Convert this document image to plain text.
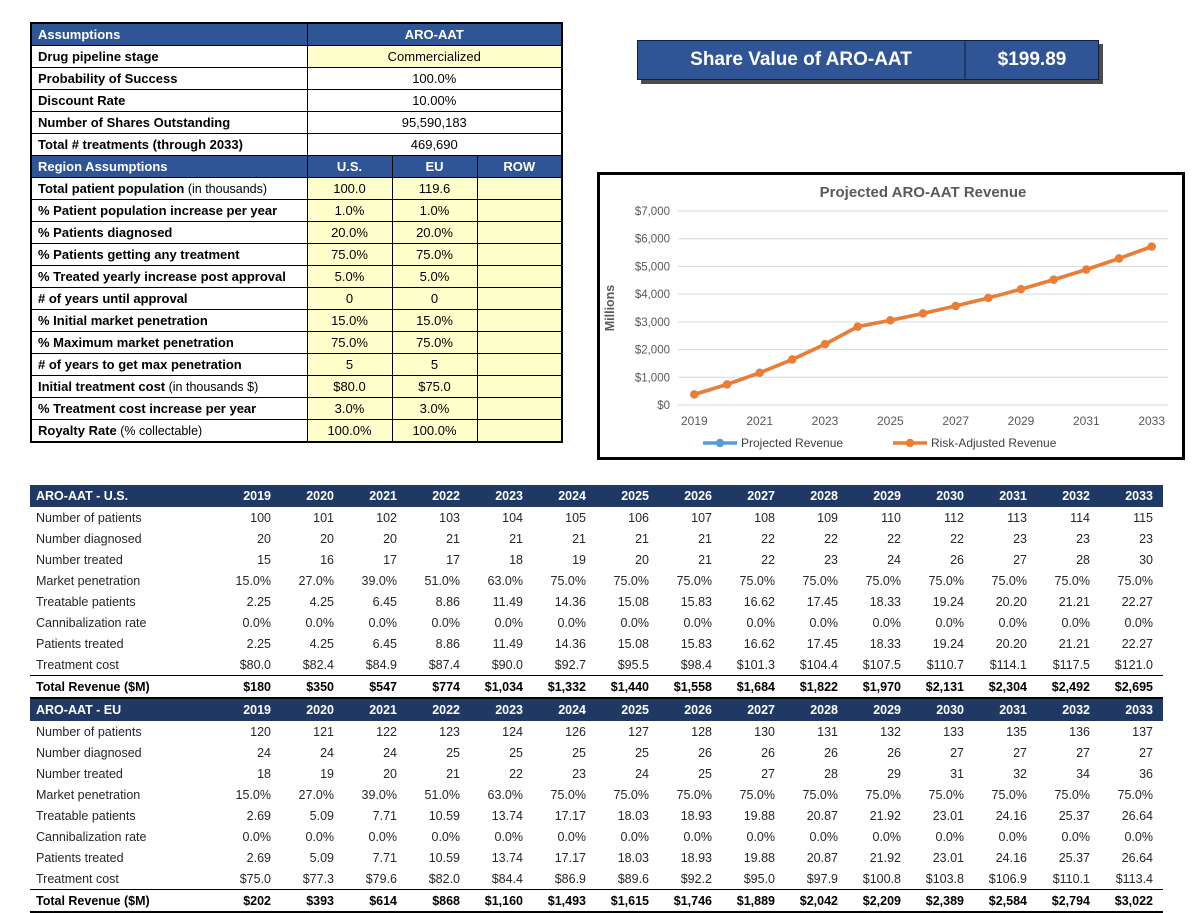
Assumptions	ARO-AAT		
Drug pipeline stage	Commercialized		
Probability of Success	100.0%		
Discount Rate	10.00%		
Number of Shares Outstanding	95,590,183		
Total # treatments (through 2033)	469,690		
Region Assumptions	U.S.	EU	ROW
Total patient population (in thousands)	100.0	119.6	
% Patient population increase per year	1.0%	1.0%	
% Patients diagnosed	20.0%	20.0%	
% Patients getting any treatment	75.0%	75.0%	
% Treated yearly increase post approval	5.0%	5.0%	
# of years until approval	0	0	
% Initial market penetration	15.0%	15.0%	
% Maximum market penetration	75.0%	75.0%	
# of years to get max penetration	5	5	
Initial treatment cost (in thousands $)	$80.0	$75.0	
% Treatment cost increase per year	3.0%	3.0%	
Royalty Rate (% collectable)	100.0%	100.0%	
Share Value of ARO-AAT	$199.89
$0
$1,000
$2,000
$3,000
$4,000
$5,000
$6,000
$7,000
2019	2021	2023	2025	2027	2029	2031	2033
Projected ARO-AAT Revenue
Millions
Projected Revenue	Risk-Adjusted Revenue
ARO-AAT - U.S.	2019	2020	2021	2022	2023	2024	2025	2026	2027	2028	2029	2030	2031	2032	2033
Number of patients	100	101	102	103	104	105	106	107	108	109	110	112	113	114	115
Number diagnosed	20	20	20	21	21	21	21	21	22	22	22	22	23	23	23
Number treated	15	16	17	17	18	19	20	21	22	23	24	26	27	28	30
Market penetration	15.0%	27.0%	39.0%	51.0%	63.0%	75.0%	75.0%	75.0%	75.0%	75.0%	75.0%	75.0%	75.0%	75.0%	75.0%
Treatable patients	2.25	4.25	6.45	8.86	11.49	14.36	15.08	15.83	16.62	17.45	18.33	19.24	20.20	21.21	22.27
Cannibalization rate	0.0%	0.0%	0.0%	0.0%	0.0%	0.0%	0.0%	0.0%	0.0%	0.0%	0.0%	0.0%	0.0%	0.0%	0.0%
Patients treated	2.25	4.25	6.45	8.86	11.49	14.36	15.08	15.83	16.62	17.45	18.33	19.24	20.20	21.21	22.27
Treatment cost	$80.0	$82.4	$84.9	$87.4	$90.0	$92.7	$95.5	$98.4	$101.3	$104.4	$107.5	$110.7	$114.1	$117.5	$121.0
Total Revenue ($M)	$180	$350	$547	$774	$1,034	$1,332	$1,440	$1,558	$1,684	$1,822	$1,970	$2,131	$2,304	$2,492	$2,695
ARO-AAT - EU	2019	2020	2021	2022	2023	2024	2025	2026	2027	2028	2029	2030	2031	2032	2033
Number of patients	120	121	122	123	124	126	127	128	130	131	132	133	135	136	137
Number diagnosed	24	24	24	25	25	25	25	26	26	26	26	27	27	27	27
Number treated	18	19	20	21	22	23	24	25	27	28	29	31	32	34	36
Market penetration	15.0%	27.0%	39.0%	51.0%	63.0%	75.0%	75.0%	75.0%	75.0%	75.0%	75.0%	75.0%	75.0%	75.0%	75.0%
Treatable patients	2.69	5.09	7.71	10.59	13.74	17.17	18.03	18.93	19.88	20.87	21.92	23.01	24.16	25.37	26.64
Cannibalization rate	0.0%	0.0%	0.0%	0.0%	0.0%	0.0%	0.0%	0.0%	0.0%	0.0%	0.0%	0.0%	0.0%	0.0%	0.0%
Patients treated	2.69	5.09	7.71	10.59	13.74	17.17	18.03	18.93	19.88	20.87	21.92	23.01	24.16	25.37	26.64
Treatment cost	$75.0	$77.3	$79.6	$82.0	$84.4	$86.9	$89.6	$92.2	$95.0	$97.9	$100.8	$103.8	$106.9	$110.1	$113.4
Total Revenue ($M)	$202	$393	$614	$868	$1,160	$1,493	$1,615	$1,746	$1,889	$2,042	$2,209	$2,389	$2,584	$2,794	$3,022
